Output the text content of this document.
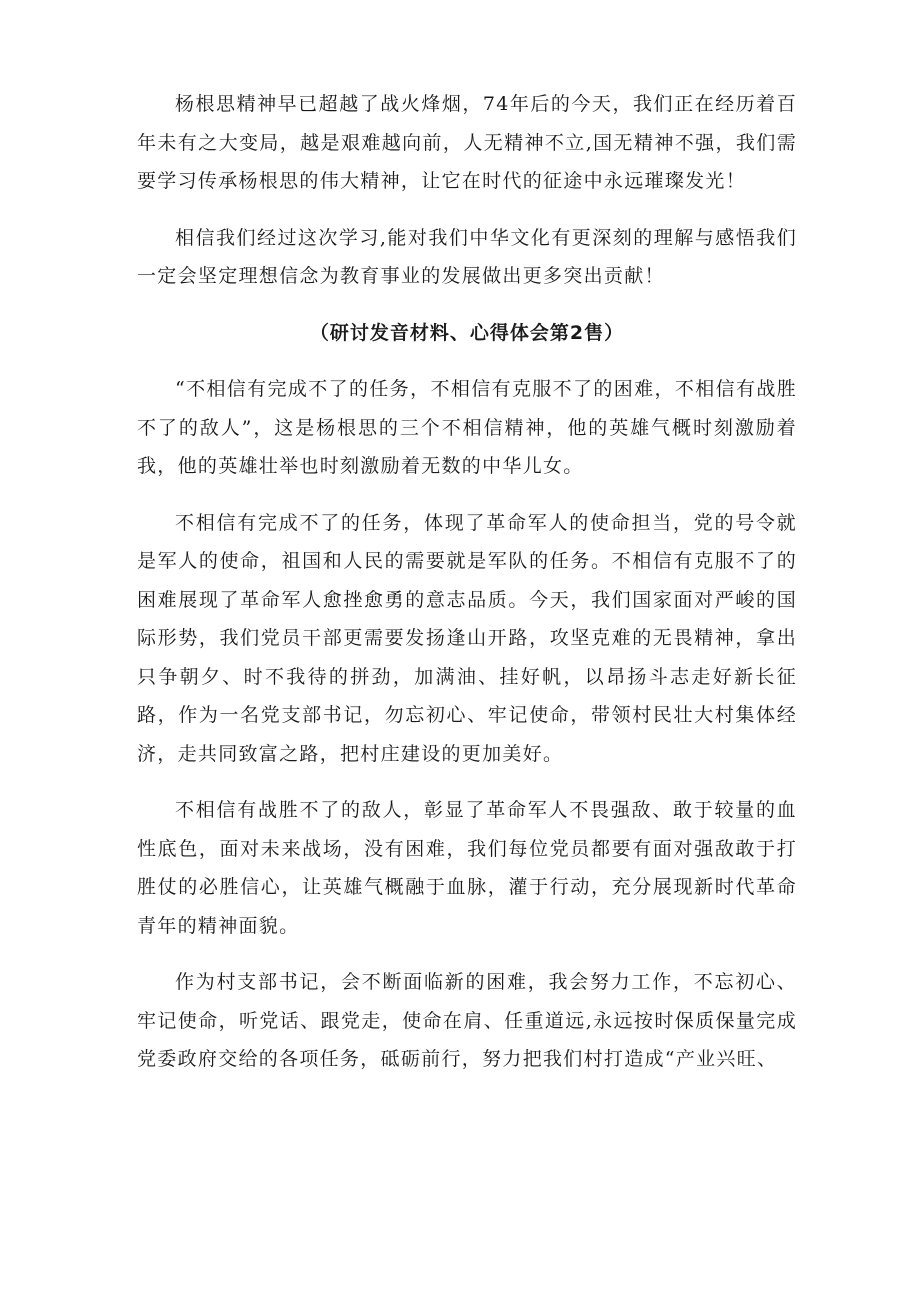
杨根思精神早已超越了战火烽烟，74年后的今天，我们正在经历着百年未有之大变局，越是艰难越向前，人无精神不立,国无精神不强，我们需要学习传承杨根思的伟大精神，让它在时代的征途中永远璀璨发光！

相信我们经过这次学习,能对我们中华文化有更深刻的理解与感悟我们一定会坚定理想信念为教育事业的发展做出更多突出贡献！

（研讨发音材料、心得体会第2售）

“不相信有完成不了的任务，不相信有克服不了的困难，不相信有战胜不了的敌人”，这是杨根思的三个不相信精神，他的英雄气概时刻激励着我，他的英雄壮举也时刻激励着无数的中华儿女。

不相信有完成不了的任务，体现了革命军人的使命担当，党的号令就是军人的使命，祖国和人民的需要就是军队的任务。不相信有克服不了的困难展现了革命军人愈挫愈勇的意志品质。今天，我们国家面对严峻的国际形势，我们党员干部更需要发扬逢山开路，攻坚克难的无畏精神，拿出只争朝夕、时不我待的拼劲，加满油、挂好帆，以昂扬斗志走好新长征路，作为一名党支部书记，勿忘初心、牢记使命，带领村民壮大村集体经济，走共同致富之路，把村庄建设的更加美好。

不相信有战胜不了的敌人，彰显了革命军人不畏强敌、敢于较量的血性底色，面对未来战场，没有困难，我们每位党员都要有面对强敌敢于打胜仗的必胜信心，让英雄气概融于血脉，灌于行动，充分展现新时代革命青年的精神面貌。

作为村支部书记，会不断面临新的困难，我会努力工作，不忘初心、牢记使命，听党话、跟党走，使命在肩、任重道远,永远按时保质保量完成党委政府交给的各项任务，砥砺前行，努力把我们村打造成“产业兴旺、
